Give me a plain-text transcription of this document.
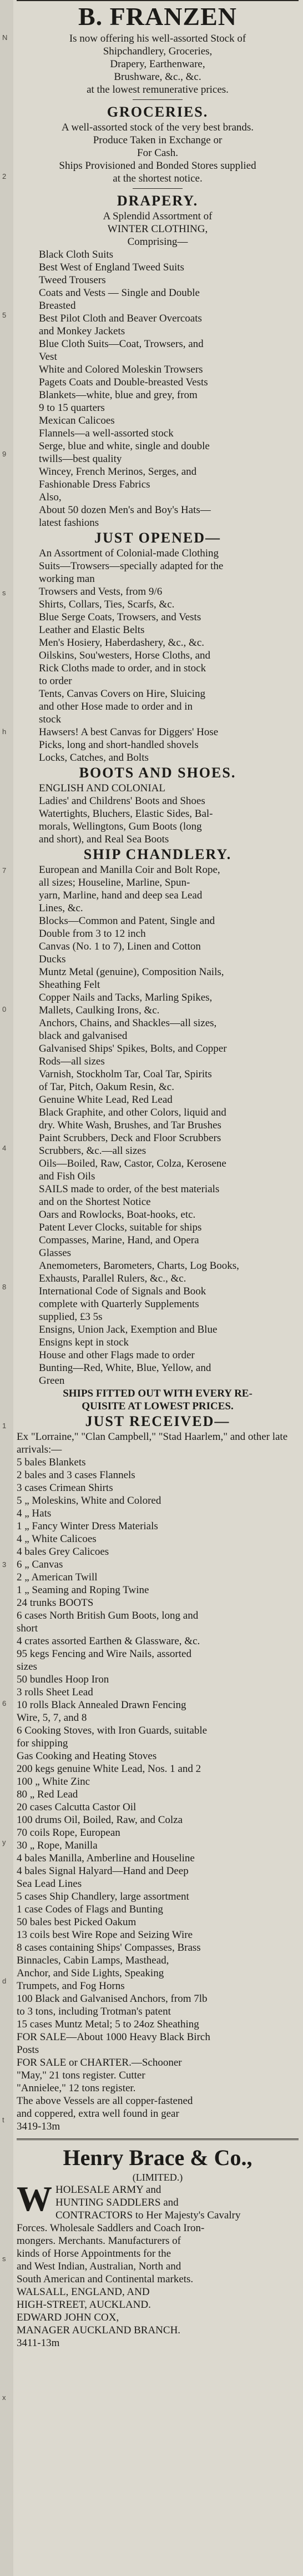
N
2
5
9
s
h
7
0
4
8
1
3
6
y
d
t
s
x
B. FRANZEN
Is now offering his well-assorted Stock of
Shipchandlery, Groceries,
Drapery, Earthenware,
Brushware, &c., &c.
at the lowest remunerative prices.
GROCERIES.
A well-assorted stock of the very best brands.
Produce Taken in Exchange or
For Cash.
Ships Provisioned and Bonded Stores supplied
at the shortest notice.
DRAPERY.
A Splendid Assortment of
WINTER CLOTHING,
Comprising—
Black Cloth Suits
Best West of England Tweed Suits
Tweed Trousers
Coats and Vests — Single and Double
Breasted
Best Pilot Cloth and Beaver Overcoats
and Monkey Jackets
Blue Cloth Suits—Coat, Trowsers, and
Vest
White and Colored Moleskin Trowsers
Pagets Coats and Double-breasted Vests
Blankets—white, blue and grey, from
9 to 15 quarters
Mexican Calicoes
Flannels—a well-assorted stock
Serge, blue and white, single and double
twills—best quality
Wincey, French Merinos, Serges, and
Fashionable Dress Fabrics
Also,
About 50 dozen Men's and Boy's Hats—
latest fashions
JUST OPENED—
An Assortment of Colonial-made Clothing
Suits—Trowsers—specially adapted for the
working man
Trowsers and Vests, from 9/6
Shirts, Collars, Ties, Scarfs, &c.
Blue Serge Coats, Trowsers, and Vests
Leather and Elastic Belts
Men's Hosiery, Haberdashery, &c., &c.
Oilskins, Sou'westers, Horse Cloths, and
Rick Cloths made to order, and in stock
to order
Tents, Canvas Covers on Hire, Sluicing
and other Hose made to order and in
stock
Hawsers! A best Canvas for Diggers' Hose
Picks, long and short-handled shovels
Locks, Catches, and Bolts
BOOTS AND SHOES.
ENGLISH AND COLONIAL
Ladies' and Childrens' Boots and Shoes
Watertights, Bluchers, Elastic Sides, Bal-
morals, Wellingtons, Gum Boots (long
and short), and Real Sea Boots
SHIP CHANDLERY.
European and Manilla Coir and Bolt Rope,
all sizes; Houseline, Marline, Spun-
yarn, Marline, hand and deep sea Lead
Lines, &c.
Blocks—Common and Patent, Single and
Double from 3 to 12 inch
Canvas (No. 1 to 7), Linen and Cotton
Ducks
Muntz Metal (genuine), Composition Nails,
Sheathing Felt
Copper Nails and Tacks, Marling Spikes,
Mallets, Caulking Irons, &c.
Anchors, Chains, and Shackles—all sizes,
black and galvanised
Galvanised Ships' Spikes, Bolts, and Copper
Rods—all sizes
Varnish, Stockholm Tar, Coal Tar, Spirits
of Tar, Pitch, Oakum Resin, &c.
Genuine White Lead, Red Lead
Black Graphite, and other Colors, liquid and
dry. White Wash, Brushes, and Tar Brushes
Paint Scrubbers, Deck and Floor Scrubbers
Scrubbers, &c.—all sizes
Oils—Boiled, Raw, Castor, Colza, Kerosene
and Fish Oils
SAILS made to order, of the best materials
and on the Shortest Notice
Oars and Rowlocks, Boat-hooks, etc.
Patent Lever Clocks, suitable for ships
Compasses, Marine, Hand, and Opera
Glasses
Anemometers, Barometers, Charts, Log Books,
Exhausts, Parallel Rulers, &c., &c.
International Code of Signals and Book
complete with Quarterly Supplements
supplied, £3 5s
Ensigns, Union Jack, Exemption and Blue
Ensigns kept in stock
House and other Flags made to order
Bunting—Red, White, Blue, Yellow, and
Green
SHIPS FITTED OUT WITH EVERY RE-
QUISITE AT LOWEST PRICES.
JUST RECEIVED—
Ex "Lorraine," "Clan Campbell," "Stad Haarlem," and other late arrivals:—
5 bales Blankets
2 bales and 3 cases Flannels
3 cases Crimean Shirts
5 „ Moleskins, White and Colored
4 „ Hats
1 „ Fancy Winter Dress Materials
4 „ White Calicoes
4 bales Grey Calicoes
6 „ Canvas
2 „ American Twill
1 „ Seaming and Roping Twine
24 trunks BOOTS
6 cases North British Gum Boots, long and
short
4 crates assorted Earthen & Glassware, &c.
95 kegs Fencing and Wire Nails, assorted
sizes
50 bundles Hoop Iron
3 rolls Sheet Lead
10 rolls Black Annealed Drawn Fencing
Wire, 5, 7, and 8
6 Cooking Stoves, with Iron Guards, suitable
for shipping
Gas Cooking and Heating Stoves
200 kegs genuine White Lead, Nos. 1 and 2
100 „ White Zinc
80 „ Red Lead
20 cases Calcutta Castor Oil
100 drums Oil, Boiled, Raw, and Colza
70 coils Rope, European
30 „ Rope, Manilla
4 bales Manilla, Amberline and Houseline
4 bales Signal Halyard—Hand and Deep
Sea Lead Lines
5 cases Ship Chandlery, large assortment
1 case Codes of Flags and Bunting
50 bales best Picked Oakum
13 coils best Wire Rope and Seizing Wire
8 cases containing Ships' Compasses, Brass
Binnacles, Cabin Lamps, Masthead,
Anchor, and Side Lights, Speaking
Trumpets, and Fog Horns
100 Black and Galvanised Anchors, from 7lb
to 3 tons, including Trotman's patent
15 cases Muntz Metal; 5 to 24oz Sheathing
FOR SALE—About 1000 Heavy Black Birch
Posts
FOR SALE or CHARTER.—Schooner
"May," 21 tons register. Cutter
"Annielee," 12 tons register.
The above Vessels are all copper-fastened
and coppered, extra well found in gear
3419-13m
Henry Brace & Co.,
(LIMITED.)
W HOLESALE ARMY and
HUNTING SADDLERS and
CONTRACTORS to Her Majesty's Cavalry
Forces. Wholesale Saddlers and Coach Iron-
mongers. Merchants. Manufacturers of
kinds of Horse Appointments for the
and West Indian, Australian, North and
South American and Continental markets.
WALSALL, ENGLAND, AND
HIGH-STREET, AUCKLAND.
EDWARD JOHN COX,
MANAGER AUCKLAND BRANCH.
3411-13m
